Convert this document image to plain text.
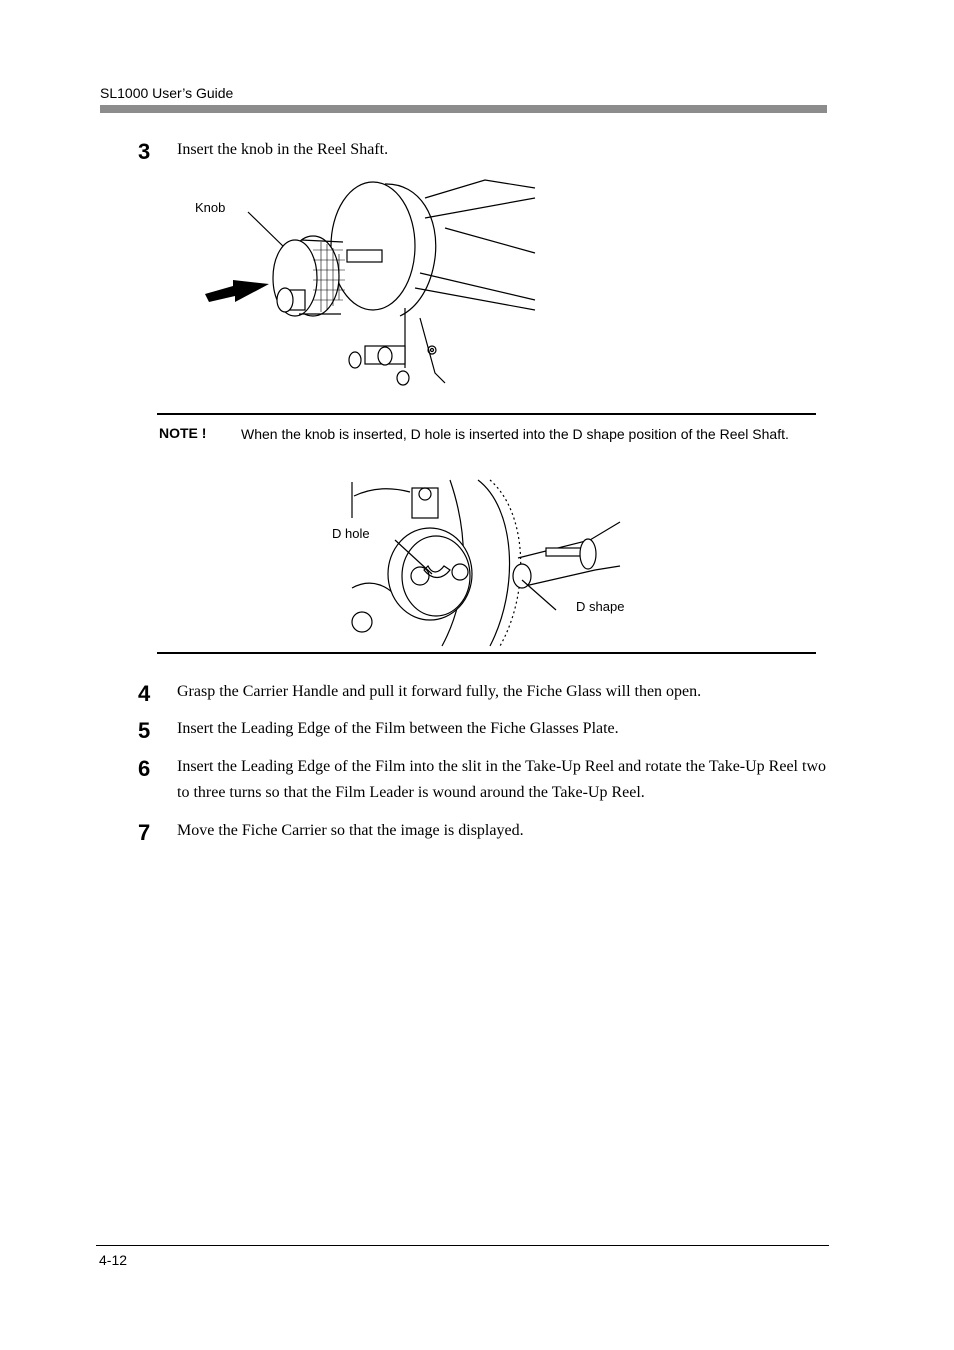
SL1000 User’s Guide
3 Insert the knob in the Reel Shaft.
Knob
NOTE ! When the knob is inserted, D hole is inserted into the D shape position of the Reel Shaft.
D hole
D shape
4 Grasp the Carrier Handle and pull it forward fully, the Fiche Glass will then open.
5 Insert the Leading Edge of the Film between the Fiche Glasses Plate.
6 Insert the Leading Edge of the Film into the slit in the Take-Up Reel and rotate the Take-Up Reel two to three turns so that the Film Leader is wound around the Take-Up Reel.
7 Move the Fiche Carrier so that the image is displayed.
4-12
